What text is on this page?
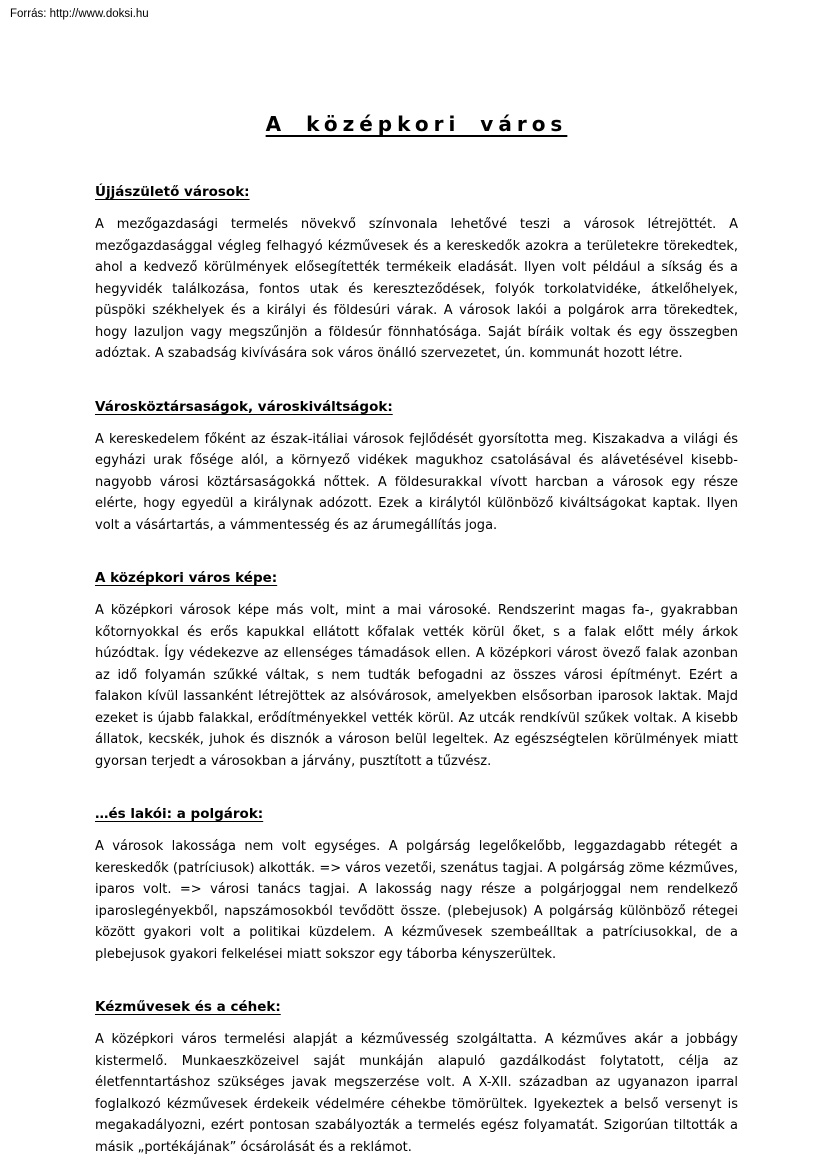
Forrás: http://www.doksi.hu
A középkori város
Újjászülető városok:

A mezőgazdasági termelés növekvő színvonala lehetővé teszi a városok létrejöttét. A mezőgazdasággal végleg felhagyó kézművesek és a kereskedők azokra a területekre törekedtek, ahol a kedvező körülmények elősegítették termékeik eladását. Ilyen volt például a síkság és a hegyvidék találkozása, fontos utak és kereszteződések, folyók torkolatvidéke, átkelőhelyek, püspöki székhelyek és a királyi és földesúri várak. A városok lakói a polgárok arra törekedtek, hogy lazuljon vagy megszűnjön a földesúr fönnhatósága. Saját bíráik voltak és egy összegben adóztak. A szabadság kivívására sok város önálló szervezetet, ún. kommunát hozott létre.

Városköztársaságok, városkiváltságok:

A kereskedelem főként az észak-itáliai városok fejlődését gyorsította meg. Kiszakadva a világi és egyházi urak fősége alól, a környező vidékek magukhoz csatolásával és alávetésével kisebb-nagyobb városi köztársaságokká nőttek. A földesurakkal vívott harcban a városok egy része elérte, hogy egyedül a királynak adózott. Ezek a királytól különböző kiváltságokat kaptak. Ilyen volt a vásártartás, a vámmentesség és az árumegállítás joga.

A középkori város képe:

A középkori városok képe más volt, mint a mai városoké. Rendszerint magas fa-, gyakrabban kőtornyokkal és erős kapukkal ellátott kőfalak vették körül őket, s a falak előtt mély árkok húzódtak. Így védekezve az ellenséges támadások ellen. A középkori várost övező falak azonban az idő folyamán szűkké váltak, s nem tudták befogadni az összes városi építményt. Ezért a falakon kívül lassanként létrejöttek az alsóvárosok, amelyekben elsősorban iparosok laktak. Majd ezeket is újabb falakkal, erődítményekkel vették körül. Az utcák rendkívül szűkek voltak. A kisebb állatok, kecskék, juhok és disznók a városon belül legeltek. Az egészségtelen körülmények miatt gyorsan terjedt a városokban a járvány, pusztított a tűzvész.

…és lakói: a polgárok:

A városok lakossága nem volt egységes. A polgárság legelőkelőbb, leggazdagabb rétegét a kereskedők (patríciusok) alkották. => város vezetői, szenátus tagjai. A polgárság zöme kézműves, iparos volt. => városi tanács tagjai. A lakosság nagy része a polgárjoggal nem rendelkező iparoslegényekből, napszámosokból tevődött össze. (plebejusok) A polgárság különböző rétegei között gyakori volt a politikai küzdelem. A kézművesek szembeálltak a patríciusokkal, de a plebejusok gyakori felkelései miatt sokszor egy táborba kényszerültek.

Kézművesek és a céhek:

A középkori város termelési alapját a kézművesség szolgáltatta. A kézműves akár a jobbágy kistermelő. Munkaeszközeivel saját munkáján alapuló gazdálkodást folytatott, célja az életfenntartáshoz szükséges javak megszerzése volt. A X-XII. században az ugyanazon iparral foglalkozó kézművesek érdekeik védelmére céhekbe tömörültek. Igyekeztek a belső versenyt is megakadályozni, ezért pontosan szabályozták a termelés egész folyamatát. Szigorúan tiltották a másik „portékájának” ócsárolását és a reklámot.
